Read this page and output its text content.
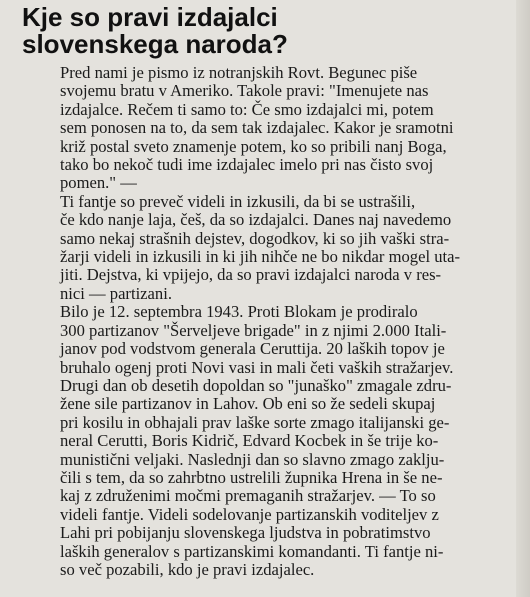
Kje so pravi izdajalci
slovenskega naroda?

Pred nami je pismo iz notranjskih Rovt. Begunec piše
svojemu bratu v Ameriko. Takole pravi: "Imenujete nas
izdajalce. Rečem ti samo to: Če smo izdajalci mi, potem
sem ponosen na to, da sem tak izdajalec. Kakor je sramotni
križ postal sveto znamenje potem, ko so pribili nanj Boga,
tako bo nekoč tudi ime izdajalec imelo pri nas čisto svoj
pomen." —

Ti fantje so preveč videli in izkusili, da bi se ustrašili,
če kdo nanje laja, češ, da so izdajalci. Danes naj navedemo
samo nekaj strašnih dejstev, dogodkov, ki so jih vaški stra-
žarji videli in izkusili in ki jih nihče ne bo nikdar mogel uta-
jiti. Dejstva, ki vpijejo, da so pravi izdajalci naroda v res-
nici — partizani.

Bilo je 12. septembra 1943. Proti Blokam je prodiralo
300 partizanov "Šerveljeve brigade" in z njimi 2.000 Itali-
janov pod vodstvom generala Ceruttija. 20 laških topov je
bruhalo ogenj proti Novi vasi in mali četi vaških stražarjev.
Drugi dan ob desetih dopoldan so "junaško" zmagale zdru-
žene sile partizanov in Lahov. Ob eni so že sedeli skupaj
pri kosilu in obhajali prav laške sorte zmago italijanski ge-
neral Cerutti, Boris Kidrič, Edvard Kocbek in še trije ko-
munistični veljaki. Naslednji dan so slavno zmago zaklju-
čili s tem, da so zahrbtno ustrelili župnika Hrena in še ne-
kaj z združenimi močmi premaganih stražarjev. — To so
videli fantje. Videli sodelovanje partizanskih voditeljev z
Lahi pri pobijanju slovenskega ljudstva in pobratimstvo
laških generalov s partizanskimi komandanti. Ti fantje ni-
so več pozabili, kdo je pravi izdajalec.
